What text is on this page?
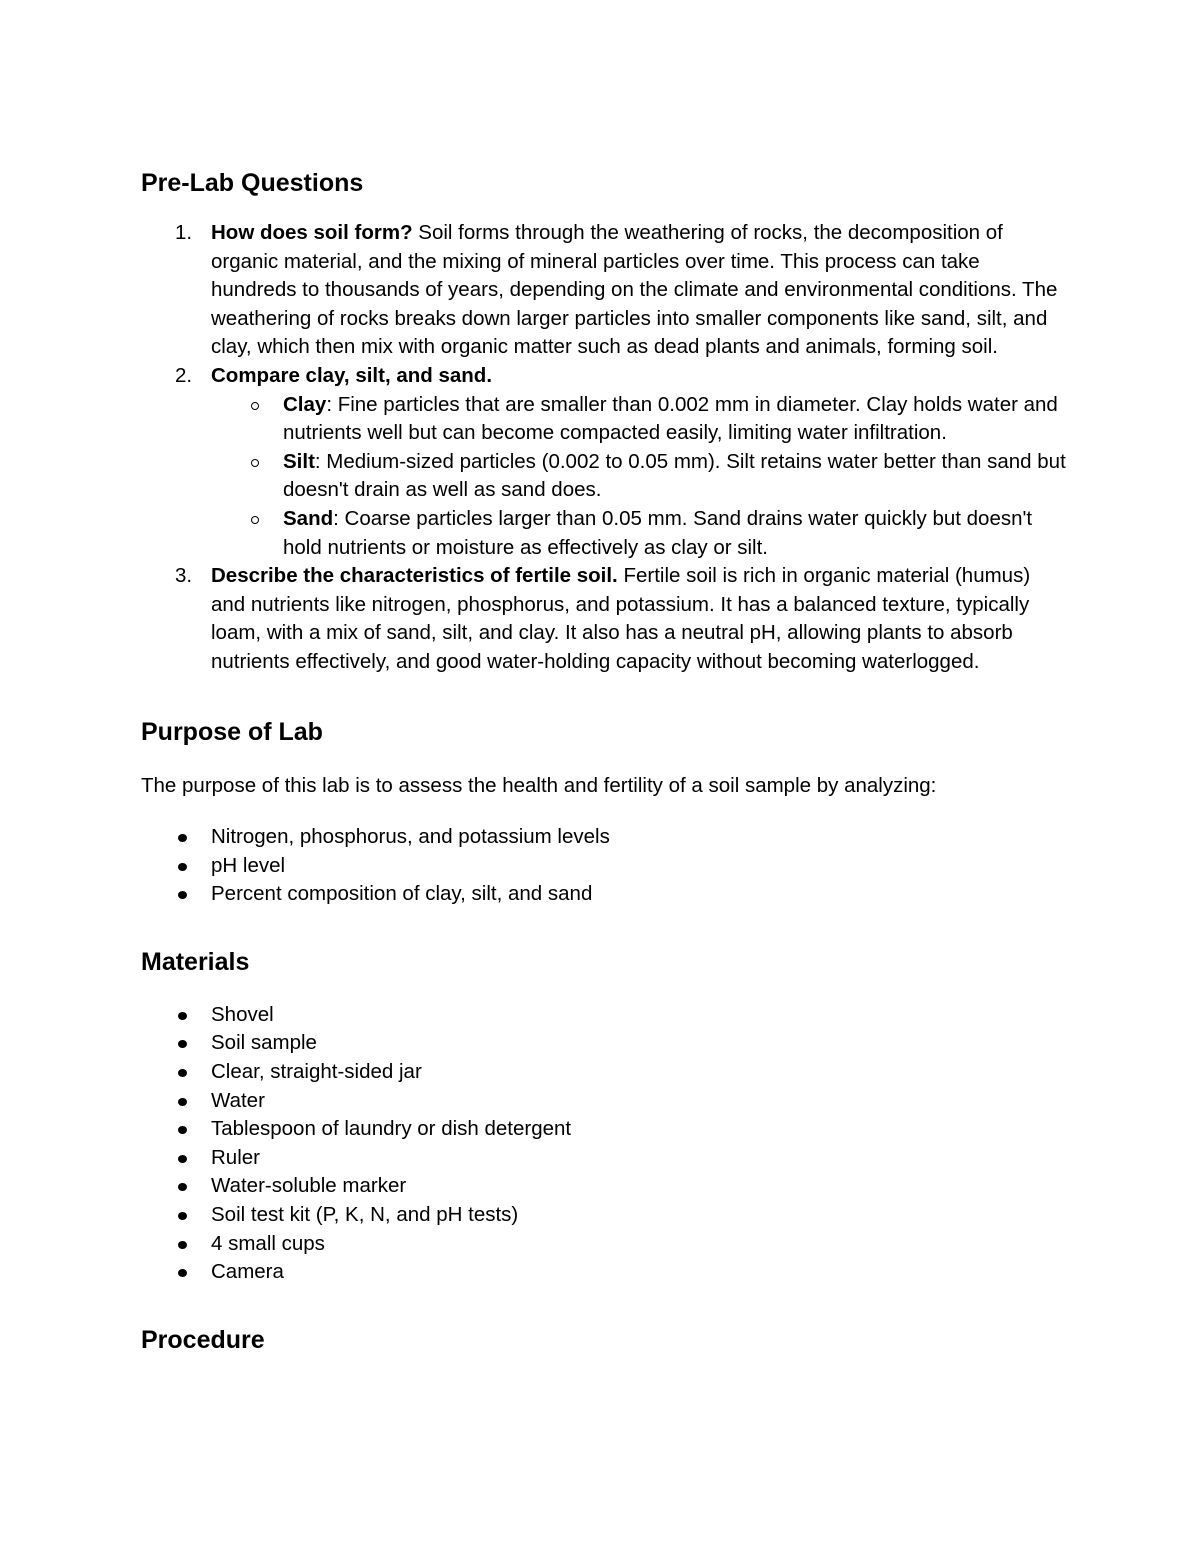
Pre-Lab Questions
1. How does soil form? Soil forms through the weathering of rocks, the decomposition of organic material, and the mixing of mineral particles over time. This process can take hundreds to thousands of years, depending on the climate and environmental conditions. The weathering of rocks breaks down larger particles into smaller components like sand, silt, and clay, which then mix with organic matter such as dead plants and animals, forming soil.
2. Compare clay, silt, and sand.
Clay: Fine particles that are smaller than 0.002 mm in diameter. Clay holds water and nutrients well but can become compacted easily, limiting water infiltration.
Silt: Medium-sized particles (0.002 to 0.05 mm). Silt retains water better than sand but doesn't drain as well as sand does.
Sand: Coarse particles larger than 0.05 mm. Sand drains water quickly but doesn't hold nutrients or moisture as effectively as clay or silt.
3. Describe the characteristics of fertile soil. Fertile soil is rich in organic material (humus) and nutrients like nitrogen, phosphorus, and potassium. It has a balanced texture, typically loam, with a mix of sand, silt, and clay. It also has a neutral pH, allowing plants to absorb nutrients effectively, and good water-holding capacity without becoming waterlogged.
Purpose of Lab
The purpose of this lab is to assess the health and fertility of a soil sample by analyzing:
Nitrogen, phosphorus, and potassium levels
pH level
Percent composition of clay, silt, and sand
Materials
Shovel
Soil sample
Clear, straight-sided jar
Water
Tablespoon of laundry or dish detergent
Ruler
Water-soluble marker
Soil test kit (P, K, N, and pH tests)
4 small cups
Camera
Procedure
